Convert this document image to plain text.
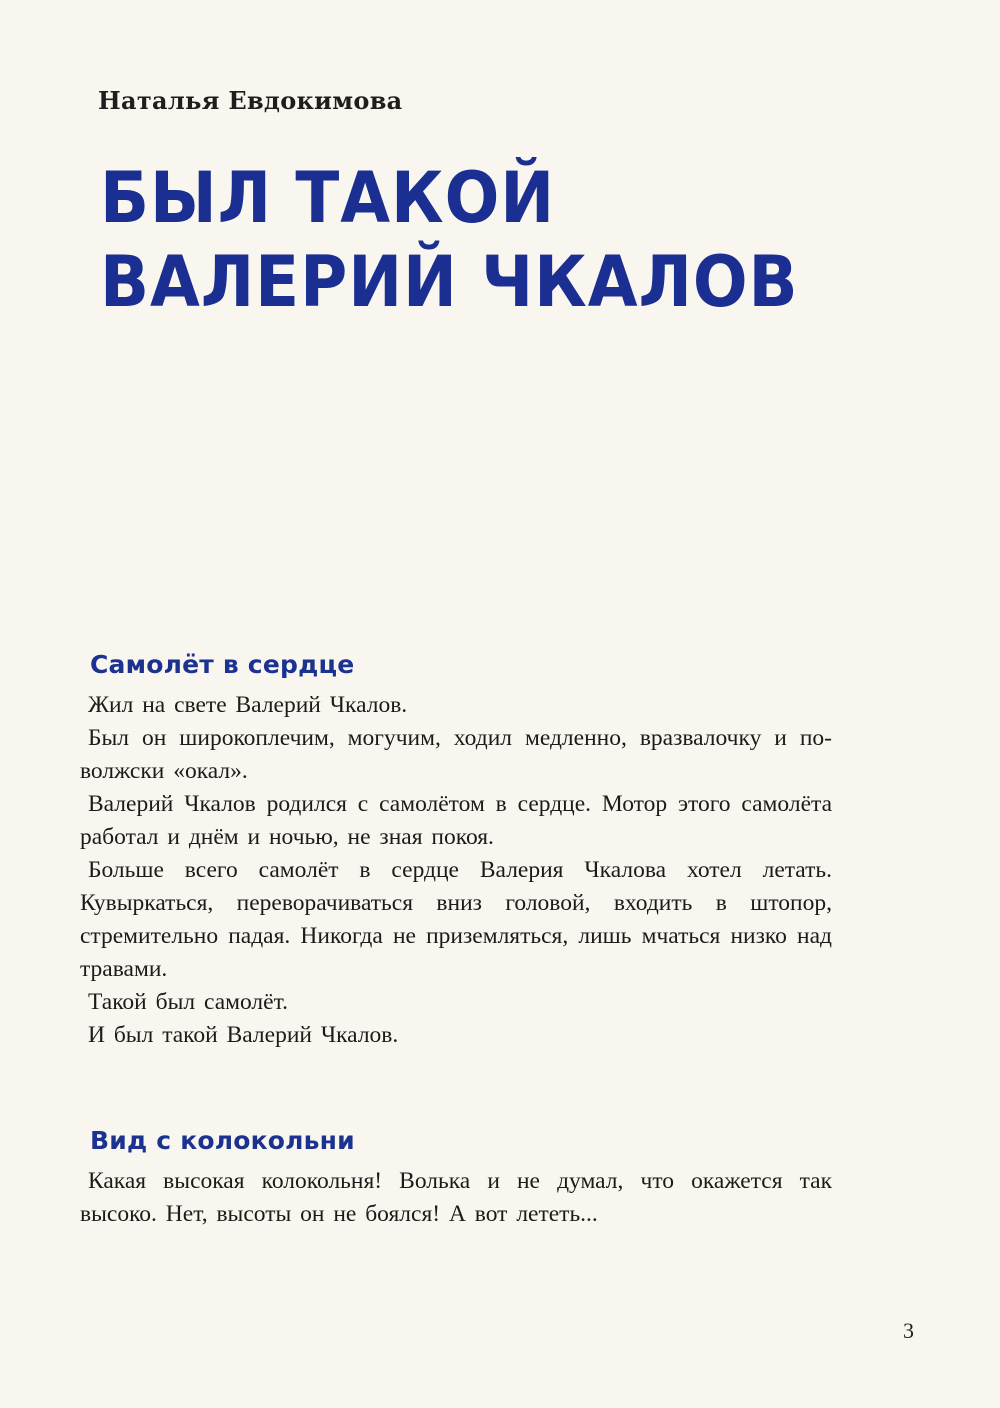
Наталья Евдокимова
БЫЛ ТАКОЙ
ВАЛЕРИЙ ЧКАЛОВ
Самолёт в сердце

Жил на свете Валерий Чкалов.

Был он широкоплечим, могучим, ходил медленно, вразвалочку и по-волжски «окал».

Валерий Чкалов родился с самолётом в сердце. Мотор этого самолёта работал и днём и ночью, не зная покоя.

Больше всего самолёт в сердце Валерия Чкалова хотел летать. Кувыркаться, переворачиваться вниз головой, входить в штопор, стремительно падая. Никогда не приземляться, лишь мчаться низко над травами.

Такой был самолёт.

И был такой Валерий Чкалов.

Вид с колокольни

Какая высокая колокольня! Волька и не думал, что окажется так высоко. Нет, высоты он не боялся! А вот лететь...

3
